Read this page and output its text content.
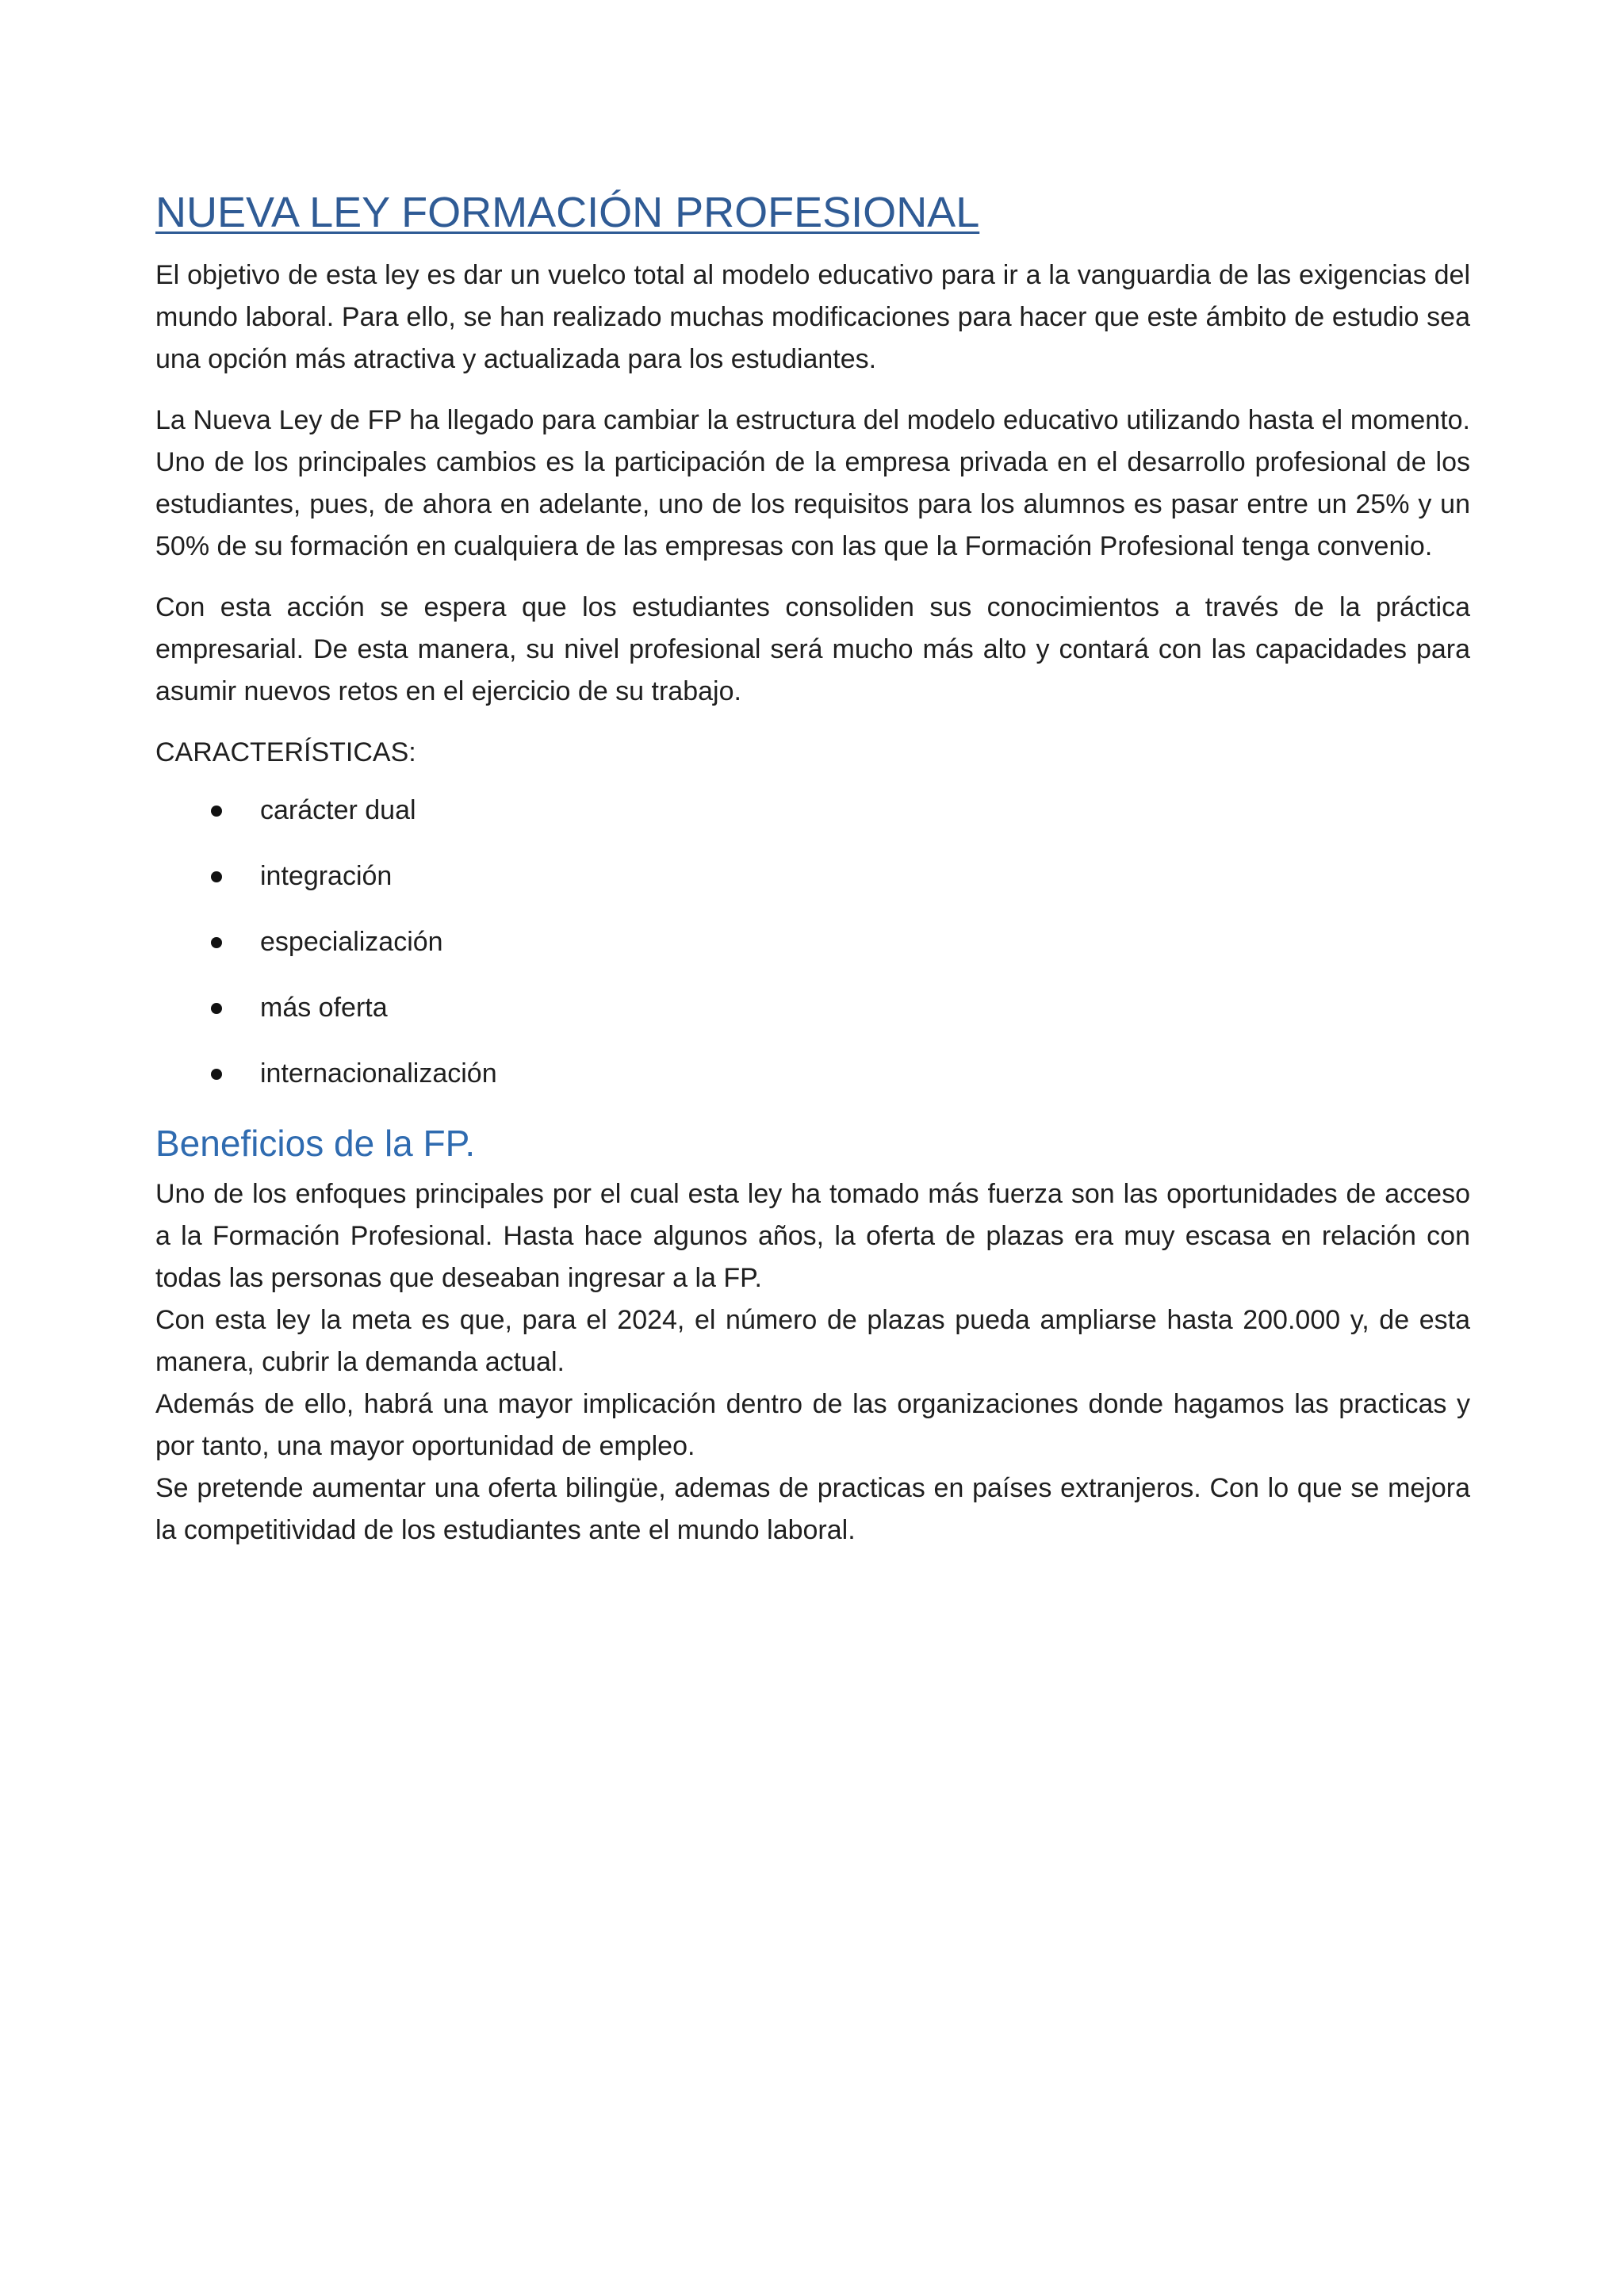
NUEVA LEY FORMACIÓN PROFESIONAL

El objetivo de esta ley es dar un vuelco total al modelo educativo para ir a la vanguardia de las exigencias del mundo laboral. Para ello, se han realizado muchas modificaciones para hacer que este ámbito de estudio sea una opción más atractiva y actualizada para los estudiantes.

La Nueva Ley de FP ha llegado para cambiar la estructura del modelo educativo utilizando hasta el momento. Uno de los principales cambios es la participación de la empresa privada en el desarrollo profesional de los estudiantes, pues, de ahora en adelante, uno de los requisitos para los alumnos es pasar entre un 25% y un 50% de su formación en cualquiera de las empresas con las que la Formación Profesional tenga convenio.

Con esta acción se espera que los estudiantes consoliden sus conocimientos a través de la práctica empresarial. De esta manera, su nivel profesional será mucho más alto y contará con las capacidades para asumir nuevos retos en el ejercicio de su trabajo.

CARACTERÍSTICAS:

carácter dual
integración
especialización
más oferta
internacionalización
Beneficios de la FP.

Uno de los enfoques principales por el cual esta ley ha tomado más fuerza son las oportunidades de acceso a la Formación Profesional. Hasta hace algunos años, la oferta de plazas era muy escasa en relación con todas las personas que deseaban ingresar a la FP.

Con esta ley la meta es que, para el 2024, el número de plazas pueda ampliarse hasta 200.000 y, de esta manera, cubrir la demanda actual.

Además de ello, habrá una mayor implicación dentro de las organizaciones donde hagamos las practicas y por tanto, una mayor oportunidad de empleo.

Se pretende aumentar una oferta bilingüe, ademas de practicas en países extranjeros. Con lo que se mejora la competitividad de los estudiantes ante el mundo laboral.
